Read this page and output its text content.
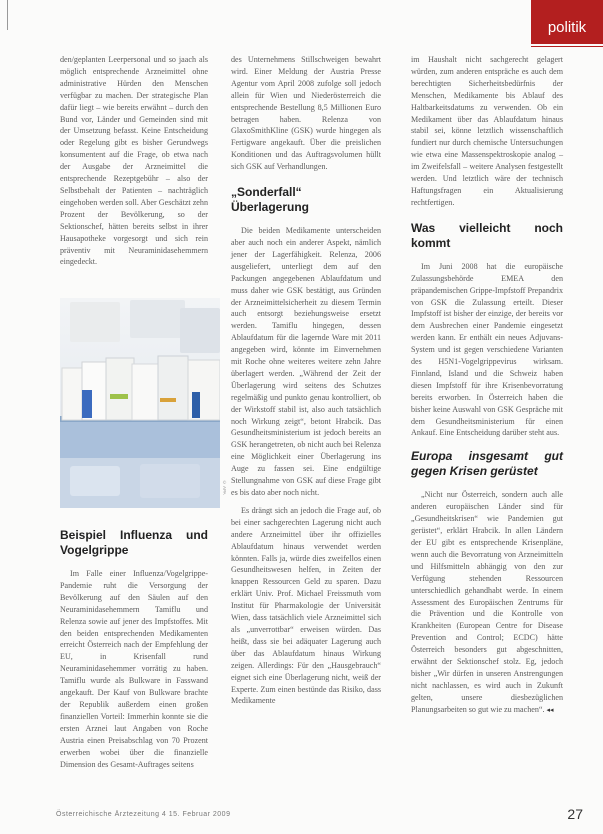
politik

den/geplanten Leerpersonal und so jaach als möglich entsprechende Arzneimittel ohne administrative Hürden den Menschen verfügbar zu machen. Der strategische Plan dafür liegt – wie bereits erwähnt – durch den Bund vor, Länder und Gemeinden sind mit der Umsetzung befasst. Keine Entscheidung oder Regelung gibt es bisher Gerundwegs konsumentent auf die Frage, ob etwa nach der Ausgabe der Arzneimittel die entsprechende Rezeptgebühr – also der Selbstbehalt der Patienten – nachträglich eingehoben werden soll. Aber Geschätzt zehn Prozent der Bevölkerung, so der Sektionschef, hätten bereits selbst in ihrer Hausapotheke vorgesorgt und sich rein präventiv mit Neuraminidasehemmern eingedeckt.

© APA
Beispiel Influenza und Vogelgrippe

Im Falle einer Influenza/Vogelgrippe-Pandemie ruht die Versorgung der Bevölkerung auf den Säulen auf den Neuraminidasehemmern Tamiflu und Relenza sowie auf jener des Impfstoffes. Mit den beiden entsprechenden Medikamenten erreicht Österreich nach der Empfehlung der EU, in Krisenfall rund Neuraminidasehemmer vorrätig zu haben. Tamiflu wurde als Bulkware in Fasswand angekauft. Der Kauf von Bulkware brachte der Republik außerdem einen großen finanziellen Vorteil: Immerhin konnte sie die ersten Arznei laut Angaben von Roche Austria einen Preisabschlag von 70 Prozent erwerben wobei über die finanzielle Dimension des Gesamt-Auftrages seitens

des Unternehmens Stillschweigen bewahrt wird. Einer Meldung der Austria Presse Agentur vom April 2008 zufolge soll jedoch allein für Wien und Niederösterreich die entsprechende Bestellung 8,5 Millionen Euro betragen haben. Relenza von GlaxoSmithKline (GSK) wurde hingegen als Fertigware angekauft. Über die preislichen Konditionen und das Auftragsvolumen hüllt sich GSK auf Verhandlungen.

„Sonderfall“ Überlagerung

Die beiden Medikamente unterscheiden aber auch noch ein anderer Aspekt, nämlich jener der Lagerfähigkeit. Relenza, 2006 ausgeliefert, unterliegt dem auf den Packungen angegebenen Ablaufdatum und muss daher wie GSK bestätigt, aus Gründen der Arzneimittelsicherheit zu diesem Termin auch entsorgt beziehungsweise ersetzt werden. Tamiflu hingegen, dessen Ablaufdatum für die lagernde Ware mit 2011 angegeben wird, könnte im Einvernehmen mit Roche ohne weiteres weitere zehn Jahre überlagert werden. „Während der Zeit der Überlagerung wird seitens des Schutzes regelmäßig und punkto genau kontrolliert, ob der Wirkstoff stabil ist, also auch tatsächlich noch Wirkung zeigt“, betont Hrabcik. Das Gesundheitsministerium ist jedoch bereits an GSK herangetreten, ob nicht auch bei Relenza eine Möglichkeit einer Überlagerung ins Auge zu fassen sei. Eine endgültige Stellungnahme von GSK auf diese Frage gibt es bis dato aber noch nicht.

Es drängt sich an jedoch die Frage auf, ob bei einer sachgerechten Lagerung nicht auch andere Arzneimittel über ihr offizielles Ablaufdatum hinaus verwendet werden könnten. Falls ja, würde dies zweifellos einen Gesundheitswesen helfen, in Zeiten der knappen Ressourcen Geld zu sparen. Dazu erklärt Univ. Prof. Michael Freissmuth vom Institut für Pharmakologie der Universität Wien, dass tatsächlich viele Arzneimittel sich als „unverrottbar“ erweisen würden. Das heißt, dass sie bei adäquater Lagerung auch über das Ablaufdatum hinaus Wirkung zeigen. Allerdings: Für den „Hausgebrauch“ eignet sich eine Überlagerung nicht, weiß der Experte. Zum einen bestünde das Risiko, dass Medikamente

im Haushalt nicht sachgerecht gelagert würden, zum anderen entspräche es auch dem berechtigten Sicherheitsbedürfnis der Menschen, Medikamente bis Ablauf des Haltbarkeitsdatums zu verwenden. Ob ein Medikament über das Ablaufdatum hinaus stabil sei, könne letztlich wissenschaftlich fundiert nur durch chemische Untersuchungen wie etwa eine Massenspektroskopie analog – im Zweifelsfall – weitere Analysen festgestellt werden. Und letztlich wäre der technisch Haftungsfragen ein Aktualisierung rechtfertigen.

Was vielleicht noch kommt

Im Juni 2008 hat die europäische Zulassungsbehörde EMEA den präpandemischen Grippe-Impfstoff Prepandrix von GSK die Zulassung erteilt. Dieser Impfstoff ist bisher der einzige, der bereits vor dem Ausbrechen einer Pandemie eingesetzt werden kann. Er enthält ein neues Adjuvans-System und ist gegen verschiedene Varianten des H5N1-Vogelgrippevirus wirksam. Finnland, Island und die Schweiz haben diesen Impfstoff für ihre Krisenbevorratung bereits erworben. In Österreich haben die bisher keine Auswahl von GSK Gespräche mit dem Gesundheitsministerium für einen Ankauf. Eine Entscheidung darüber steht aus.

Europa insgesamt gut gegen Krisen gerüstet

„Nicht nur Österreich, sondern auch alle anderen europäischen Länder sind für „Gesundheitskrisen“ wie Pandemien gut gerüstet“, erklärt Hrabcik. In allen Ländern der EU gibt es entsprechende Krisenpläne, wenn auch die Bevorratung von Arzneimitteln und Hilfsmitteln abhängig von den zur Verfügung stehenden Ressourcen unterschiedlich gehandhabt werde. In einem Assessment des Europäischen Zentrums für die Prävention und die Kontrolle von Krankheiten (European Centre for Disease Prevention and Control; ECDC) hätte Österreich besonders gut abgeschnitten, erwähnt der Sektionschef stolz. Eg, jedoch bisher „Wir dürfen in unseren Anstrengungen nicht nachlassen, es wird auch in Zukunft gelten, unsere diesbezüglichen Planungsarbeiten so gut wie zu machen“. ◂◂

Österreichische Ärztezeitung 4 15. Februar 2009	27
